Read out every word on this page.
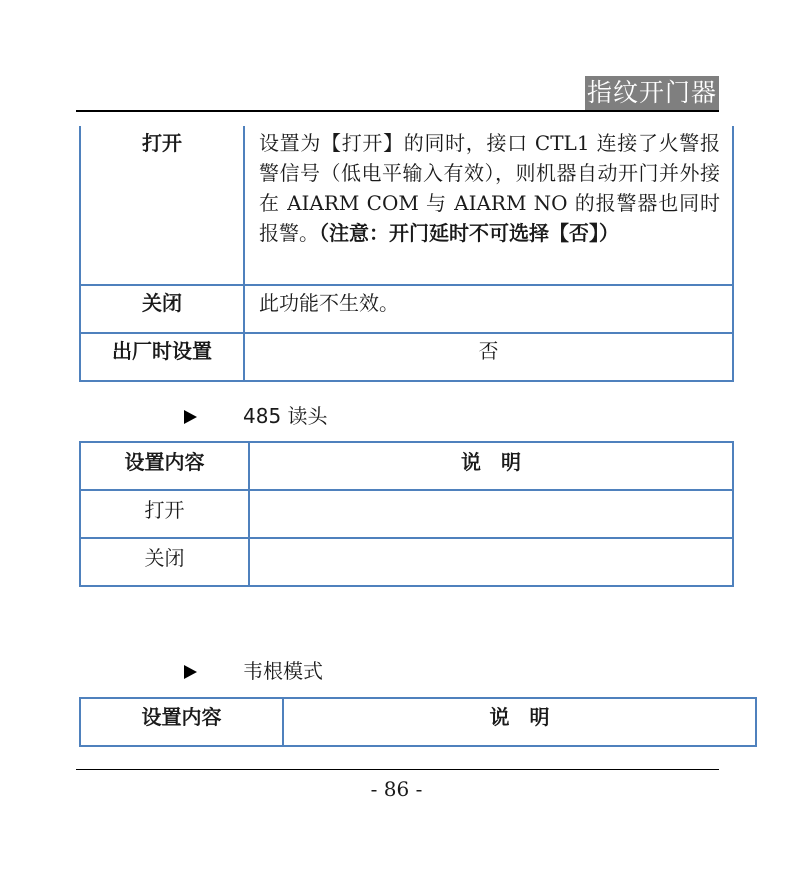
指纹开门器
打开	设置为【打开】的同时，接口 CTL1 连接了火警报警信号（低电平输入有效），则机器自动开门并外接在 AIARM COM 与 AIARM NO 的报警器也同时报警。（注意：开门延时不可选择【否】）

关闭	此功能不生效。

出厂时设置	否
485 读头
设置内容	说　明
打开	
关闭	
韦根模式
设置内容	说　明
- 86 -
